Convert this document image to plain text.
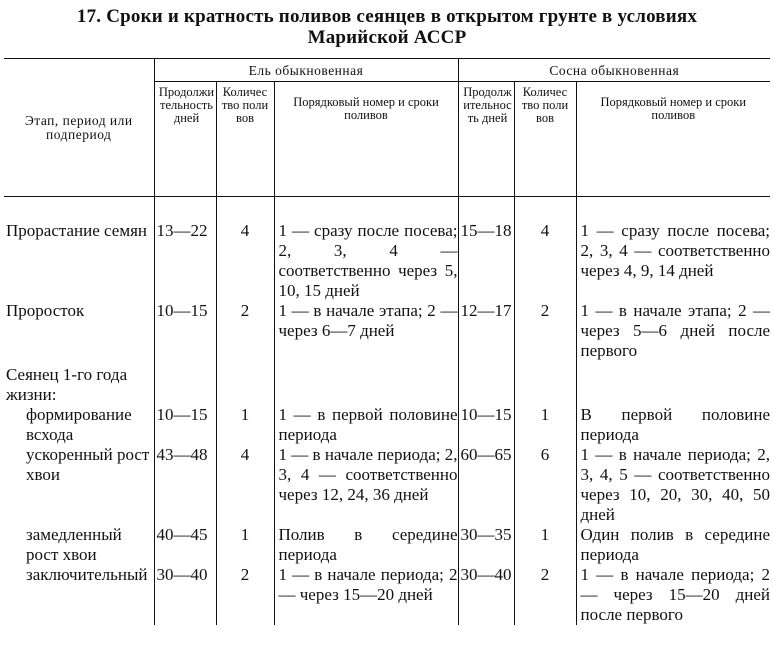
17. Сроки и кратность поливов сеянцев в открытом грунте в условиях Марийской АССР
Этап, период или подпериод	Ель обыкновенная			Сосна обыкновенная		
	Продолжительность дней	Количество поливов	Порядковый номер и сроки поливов	Продолжительность дней	Количество поливов	Порядковый номер и сроки поливов

Прорастание семян	13—22	4	1 — сразу после посева; 2, 3, 4 — соответственно через 5, 10, 15 дней	15—18	4	1 — сразу после посева; 2, 3, 4 — соответственно через 4, 9, 14 дней
Проросток	10—15	2	1 — в начале этапа; 2 — через 6—7 дней	12—17	2	1 — в начале этапа; 2 — через 5—6 дней после первого
Сеянец 1-го года жизни:						
формирование всхода	10—15	1	1 — в первой половине периода	10—15	1	В первой половине периода
ускоренный рост хвои	43—48	4	1 — в начале периода; 2, 3, 4 — соответственно через 12, 24, 36 дней	60—65	6	1 — в начале периода; 2, 3, 4, 5 — соответственно через 10, 20, 30, 40, 50 дней
замедленный рост хвои	40—45	1	Полив в середине периода	30—35	1	Один полив в середине периода
заключительный	30—40	2	1 — в начале периода; 2 — через 15—20 дней	30—40	2	1 — в начале периода; 2 — через 15—20 дней после первого
